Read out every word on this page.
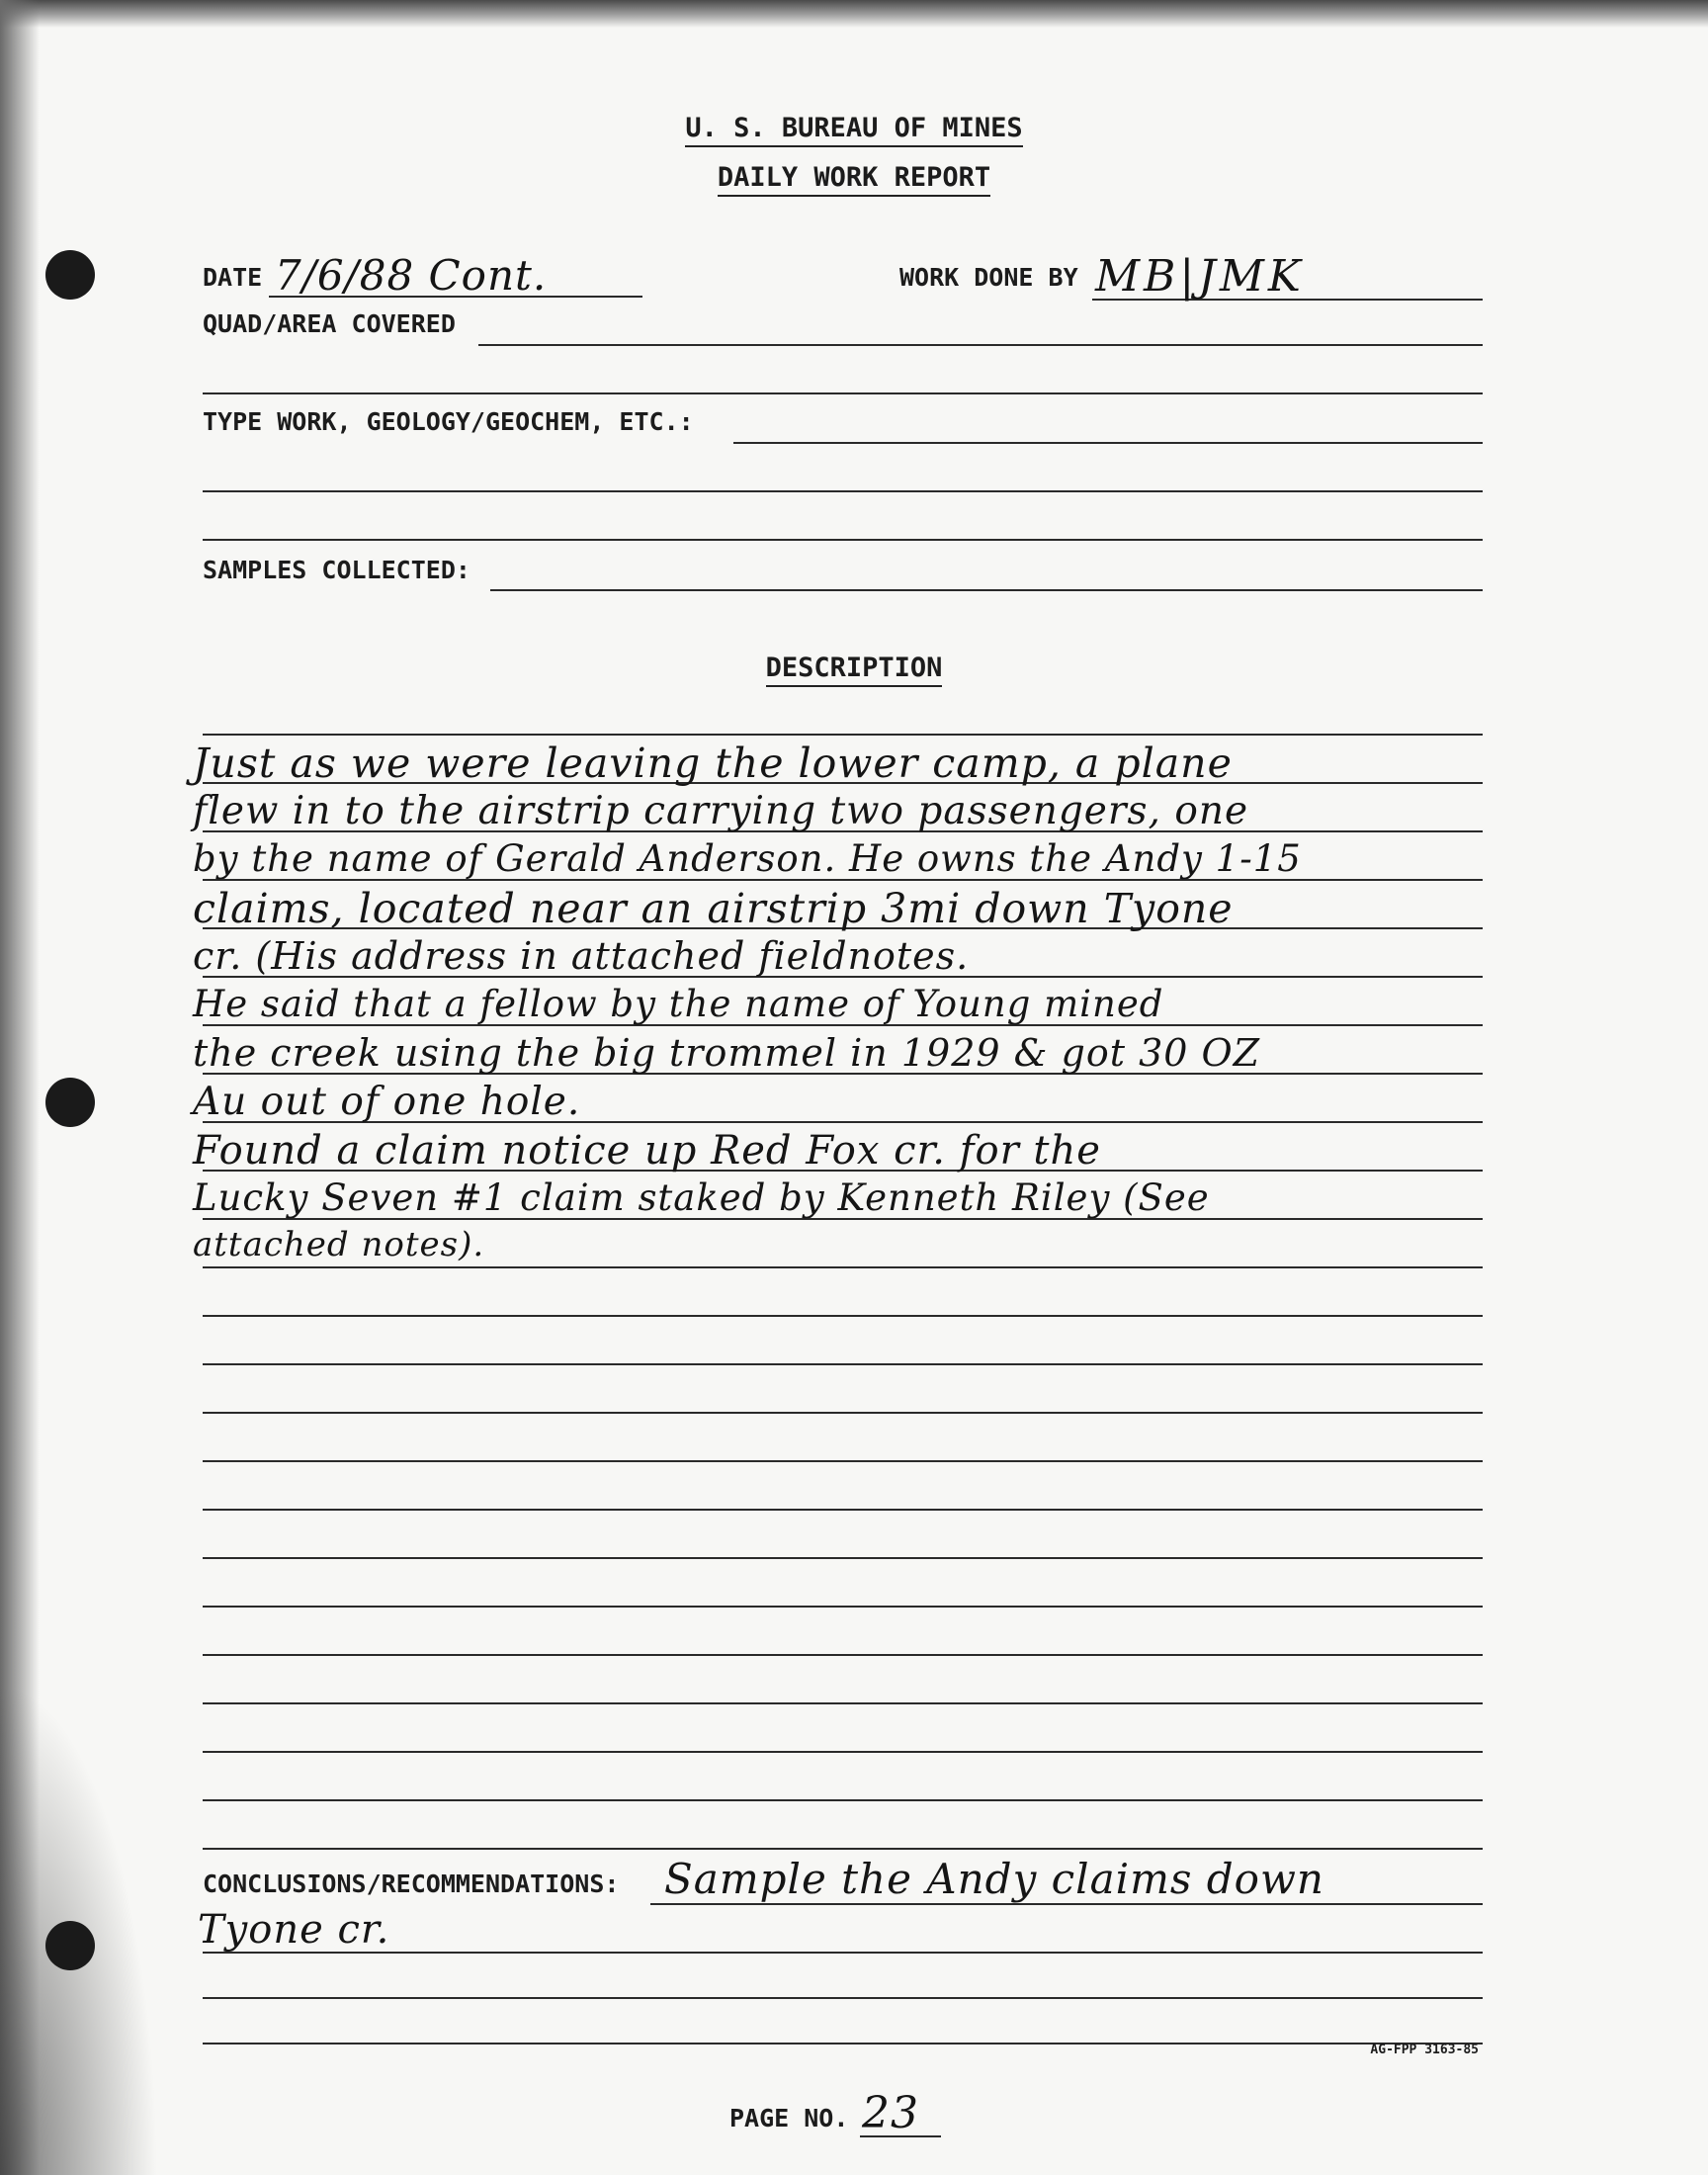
U. S. BUREAU OF MINES
DAILY WORK REPORT
DATE 7/6/88 Cont.	WORK DONE BY MB|JMK
QUAD/AREA COVERED
TYPE WORK, GEOLOGY/GEOCHEM, ETC.:
SAMPLES COLLECTED:
DESCRIPTION
Just as we were leaving the lower camp, a plane
flew in to the airstrip carrying two passengers, one
by the name of Gerald Anderson. He owns the Andy 1-15
claims, located near an airstrip 3mi down Tyone
cr. (His address in attached fieldnotes.
He said that a fellow by the name of Young mined
the creek using the big trommel in 1929 & got 30 OZ
Au out of one hole.
Found a claim notice up Red Fox cr. for the
Lucky Seven #1 claim staked by Kenneth Riley (See
attached notes).
CONCLUSIONS/RECOMMENDATIONS: Sample the Andy claims down
Tyone cr.
AG-FPP 3163-85
PAGE NO. 23
